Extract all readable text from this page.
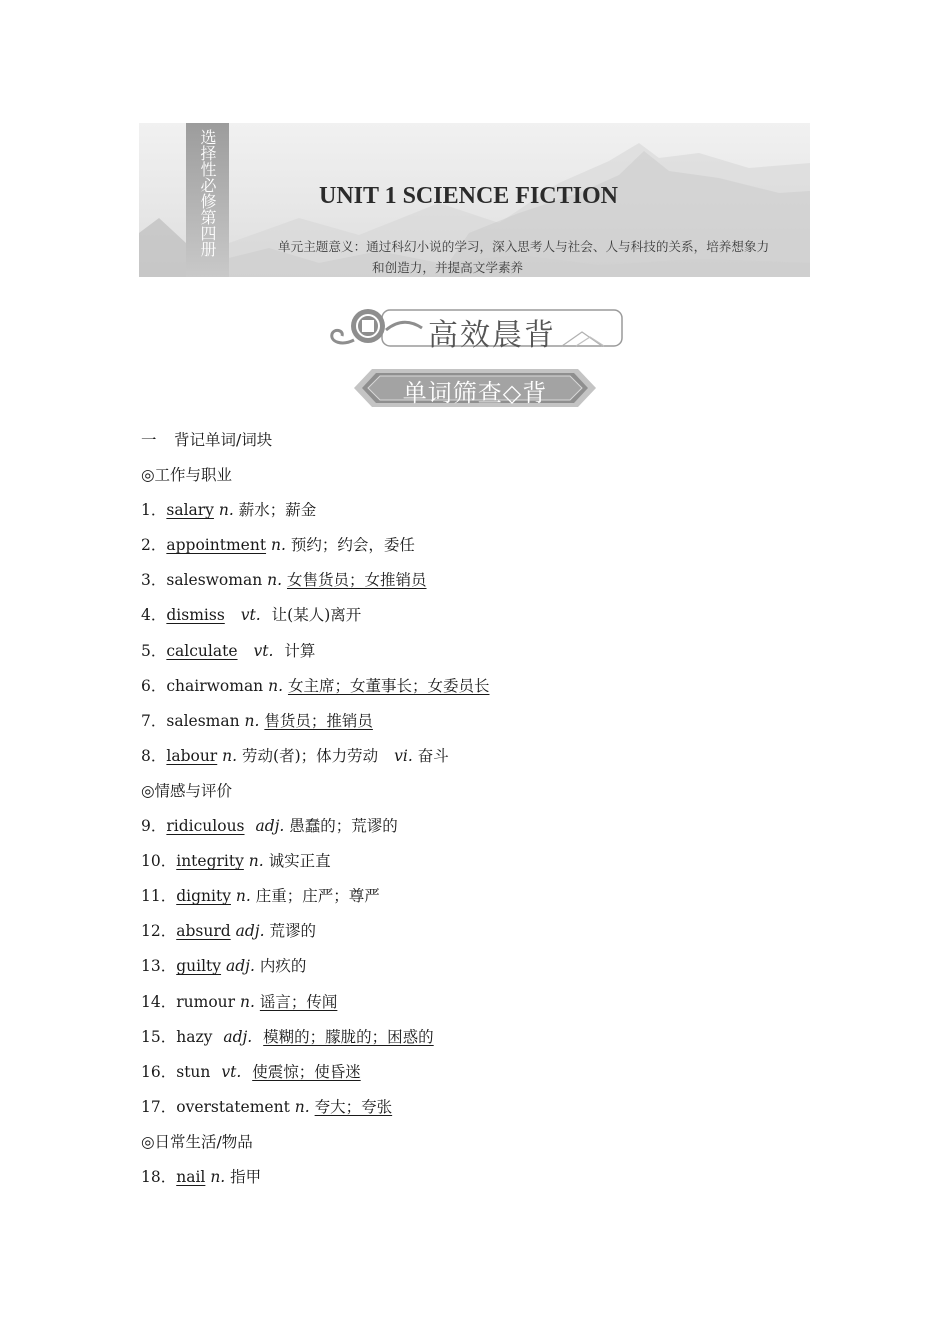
选择性必修第四册	UNIT 1 SCIENCE FICTION
单元主题意义：通过科幻小说的学习，深入思考人与社会、人与科技的关系，培养想象力
和创造力，并提高文学素养
高效晨背
单词筛查◇背
一 背记单词/词块
◎工作与职业
1．salary n. 薪水；薪金
2．appointment n. 预约；约会，委任
3．saleswoman n. 女售货员；女推销员
4．dismiss vt. 让(某人)离开
5．calculate vt. 计算
6．chairwoman n. 女主席；女董事长；女委员长
7．salesman n. 售货员；推销员
8．labour n. 劳动(者)；体力劳动 vi. 奋斗
◎情感与评价
9．ridiculous adj. 愚蠢的；荒谬的
10．integrity n. 诚实正直
11．dignity n. 庄重；庄严；尊严
12．absurd adj. 荒谬的
13．guilty adj. 内疚的
14．rumour n. 谣言；传闻
15．hazy adj. 模糊的；朦胧的；困惑的
16．stun vt. 使震惊；使昏迷
17．overstatement n. 夸大；夸张
◎日常生活/物品
18．nail n. 指甲
